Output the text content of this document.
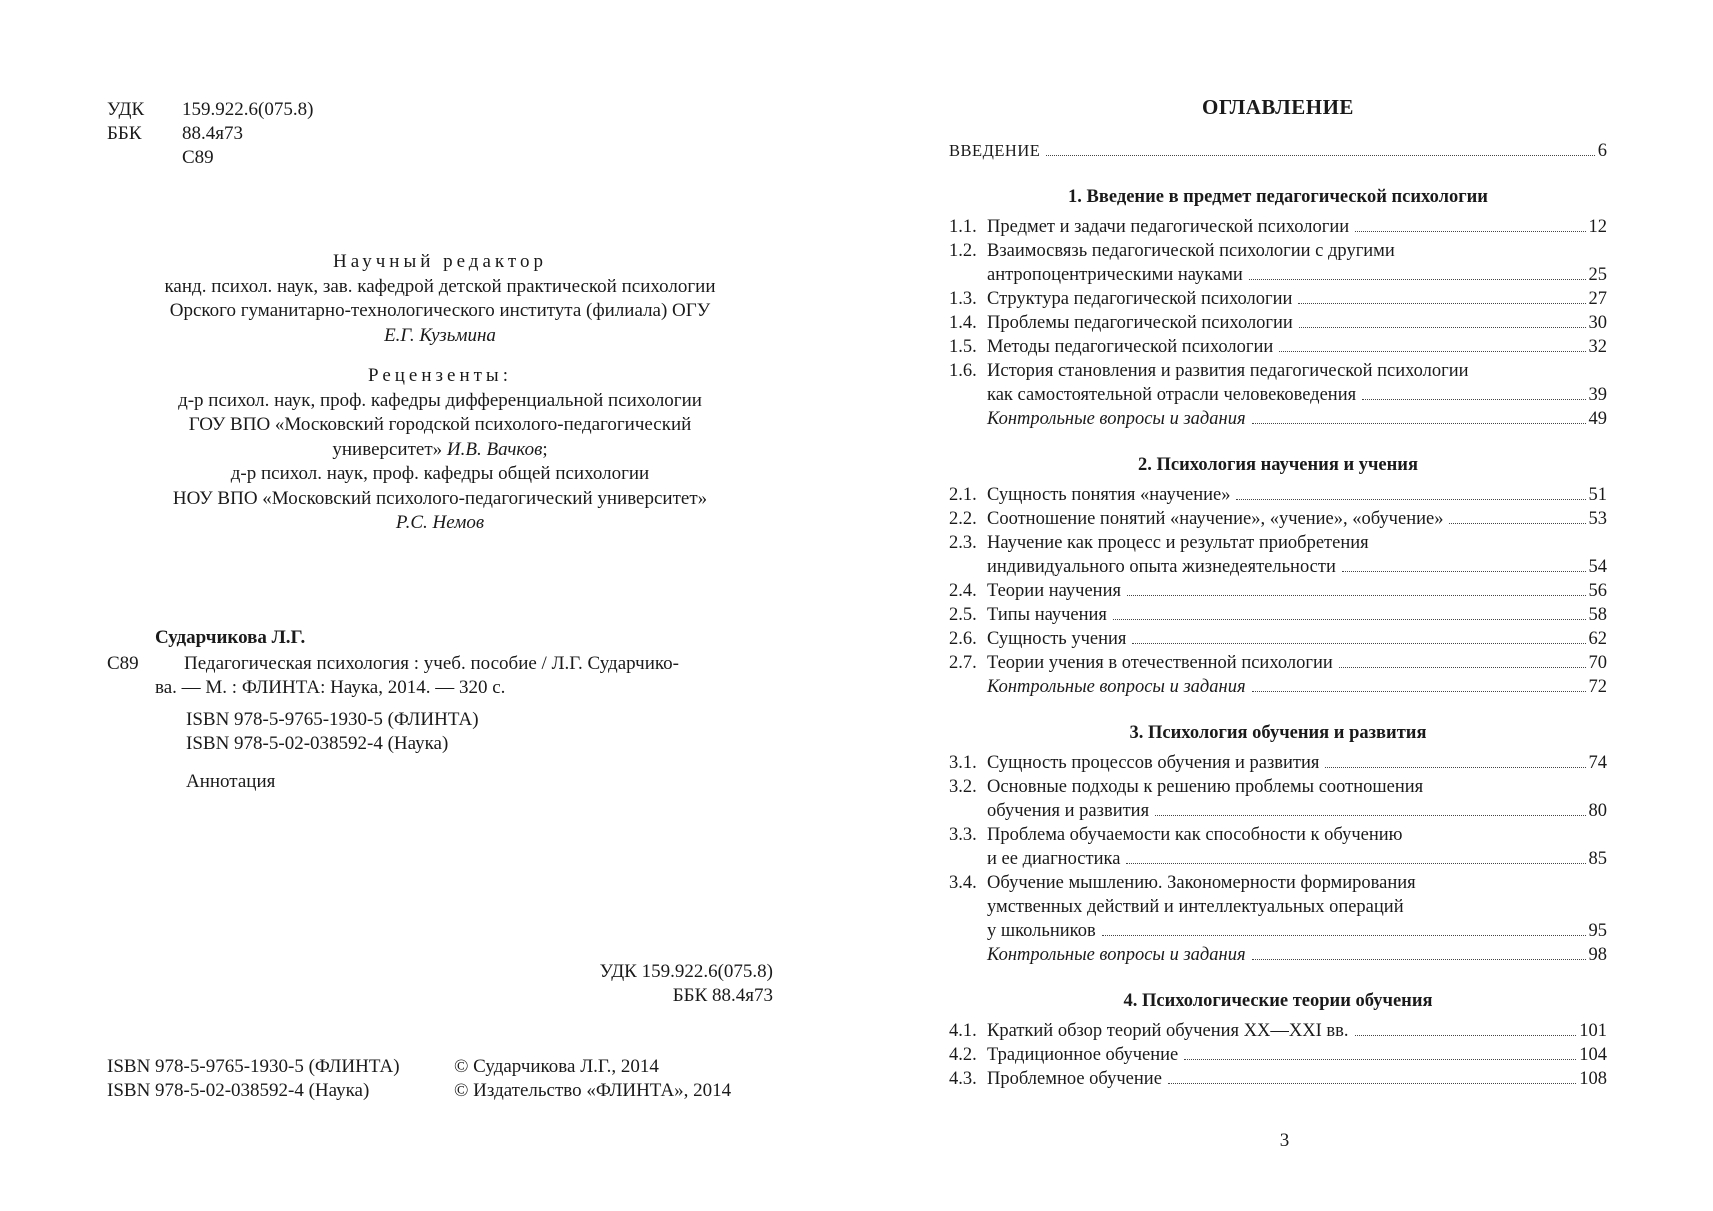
УДК	159.922.6(075.8)
ББК	88.4я73
С89
Научный редактор
канд. психол. наук, зав. кафедрой детской практической психологии
Орского гуманитарно-технологического института (филиала) ОГУ
Е.Г. Кузьмина
Рецензенты:
д-р психол. наук, проф. кафедры дифференциальной психологии
ГОУ ВПО «Московский городской психолого-педагогический
университет» И.В. Вачков;
д-р психол. наук, проф. кафедры общей психологии
НОУ ВПО «Московский психолого-педагогический университет»
Р.С. Немов
Сударчикова Л.Г.
С89	Педагогическая психология : учеб. пособие / Л.Г. Сударчико-
ва. — М. : ФЛИНТА: Наука, 2014. — 320 с.
ISBN 978-5-9765-1930-5 (ФЛИНТА)
ISBN 978-5-02-038592-4 (Наука)
Аннотация
УДК 159.922.6(075.8)
ББК 88.4я73
ISBN 978-5-9765-1930-5 (ФЛИНТА)	© Сударчикова Л.Г., 2014
ISBN 978-5-02-038592-4 (Наука)	© Издательство «ФЛИНТА», 2014
ОГЛАВЛЕНИЕ
ВВЕДЕНИЕ	6
1. Введение в предмет педагогической психологии
1.1. Предмет и задачи педагогической психологии	12
1.2. Взаимосвязь педагогической психологии с другими
антропоцентрическими науками	25
1.3. Структура педагогической психологии	27
1.4. Проблемы педагогической психологии	30
1.5. Методы педагогической психологии	32
1.6. История становления и развития педагогической психологии
как самостоятельной отрасли человековедения	39
Контрольные вопросы и задания	49
2. Психология научения и учения
2.1. Сущность понятия «научение»	51
2.2. Соотношение понятий «научение», «учение», «обучение»	53
2.3. Научение как процесс и результат приобретения
индивидуального опыта жизнедеятельности	54
2.4. Теории научения	56
2.5. Типы научения	58
2.6. Сущность учения	62
2.7. Теории учения в отечественной психологии	70
Контрольные вопросы и задания	72
3. Психология обучения и развития
3.1. Сущность процессов обучения и развития	74
3.2. Основные подходы к решению проблемы соотношения
обучения и развития	80
3.3. Проблема обучаемости как способности к обучению
и ее диагностика	85
3.4. Обучение мышлению. Закономерности формирования
умственных действий и интеллектуальных операций
у школьников	95
Контрольные вопросы и задания	98
4. Психологические теории обучения
4.1. Краткий обзор теорий обучения XX—XXI вв.	101
4.2. Традиционное обучение	104
4.3. Проблемное обучение	108
3
